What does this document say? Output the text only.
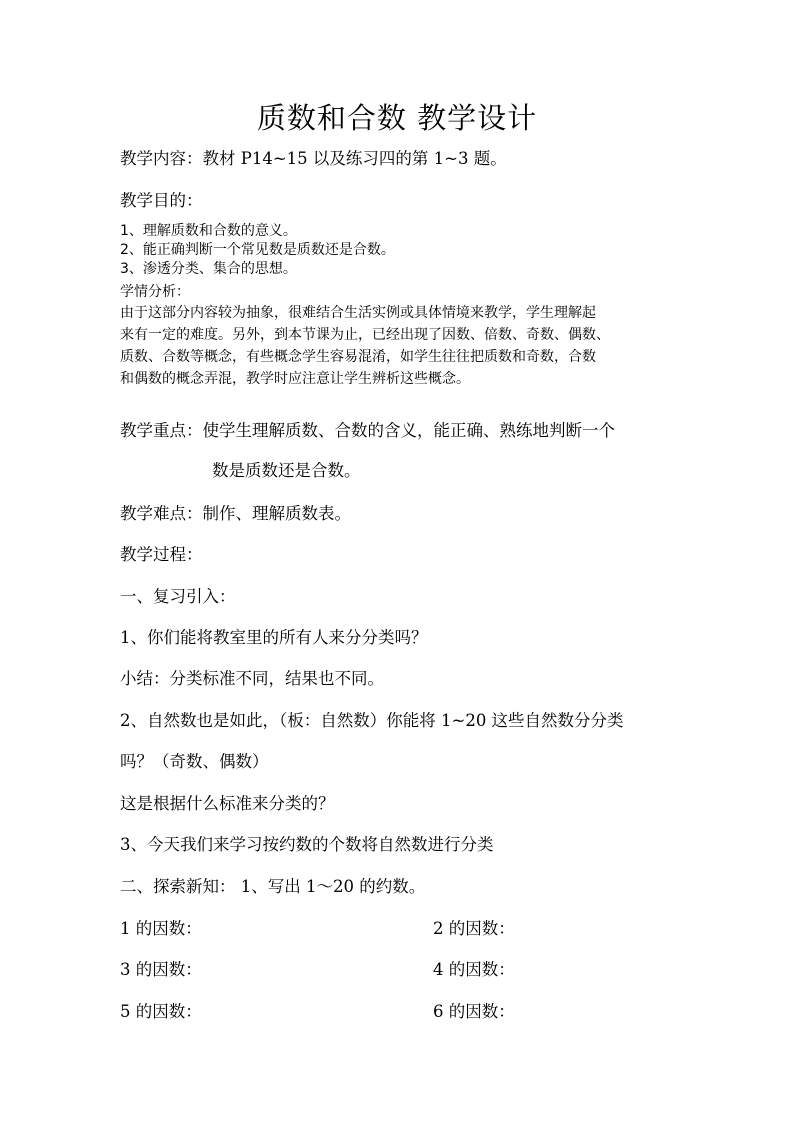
质数和合数 教学设计
教学内容：教材 P14~15 以及练习四的第 1~3 题。
教学目的：
1、理解质数和合数的意义。
2、能正确判断一个常见数是质数还是合数。
3、渗透分类、集合的思想。
学情分析：
由于这部分内容较为抽象，很难结合生活实例或具体情境来教学，学生理解起
来有一定的难度。另外，到本节课为止，已经出现了因数、倍数、奇数、偶数、
质数、合数等概念，有些概念学生容易混淆，如学生往往把质数和奇数，合数
和偶数的概念弄混，教学时应注意让学生辨析这些概念。
教学重点：使学生理解质数、合数的含义，能正确、熟练地判断一个
数是质数还是合数。
教学难点：制作、理解质数表。
教学过程：
一、复习引入：
1、你们能将教室里的所有人来分分类吗？
小结：分类标准不同，结果也不同。
2、自然数也是如此，（板：自然数）你能将 1~20 这些自然数分分类
吗？（奇数、偶数）
这是根据什么标准来分类的？
3、今天我们来学习按约数的个数将自然数进行分类
二、探索新知： 1、写出 1～20 的约数。
1 的因数：	2 的因数：
3 的因数：	4 的因数：
5 的因数：	6 的因数：
